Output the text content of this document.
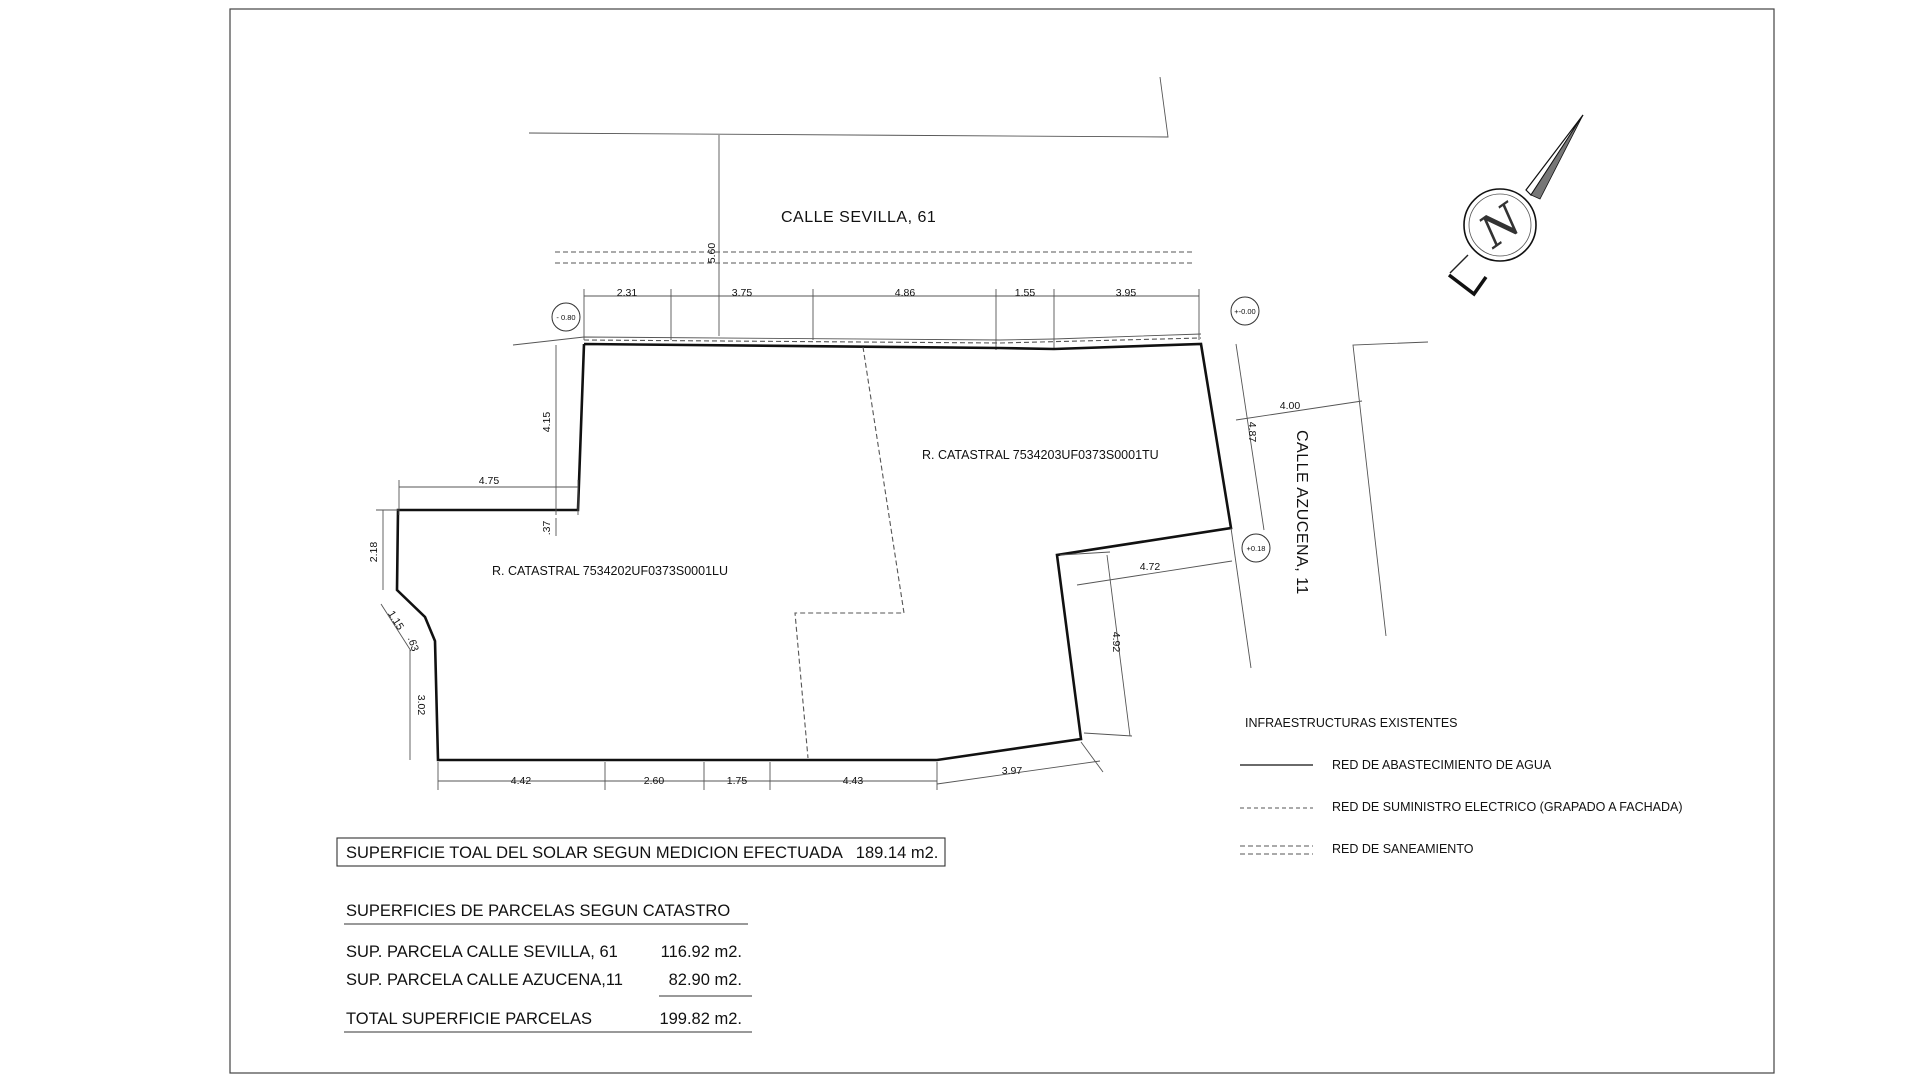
5.60
CALLE SEVILLA, 61
2.31	3.75	4.86	1.55	3.95
- 0.80
+-0.00
+0.18
R. CATASTRAL 7534202UF0373S0001LU
R. CATASTRAL 7534203UF0373S0001TU
4.15
4.75
.37
2.18
1.15
.63
3.02
4.42	2.60	1.75	4.43
3.97
4.87
4.00
4.72
4.92
CALLE AZUCENA, 11
N
INFRAESTRUCTURAS EXISTENTES
RED DE ABASTECIMIENTO DE AGUA
RED DE SUMINISTRO ELECTRICO (GRAPADO A FACHADA)
RED DE SANEAMIENTO
SUPERFICIE TOAL DEL SOLAR SEGUN MEDICION EFECTUADA   189.14 m2.
SUPERFICIES DE PARCELAS SEGUN CATASTRO
SUP. PARCELA CALLE SEVILLA, 61	116.92 m2.
SUP. PARCELA CALLE AZUCENA,11	82.90 m2.
TOTAL SUPERFICIE PARCELAS	199.82 m2.
